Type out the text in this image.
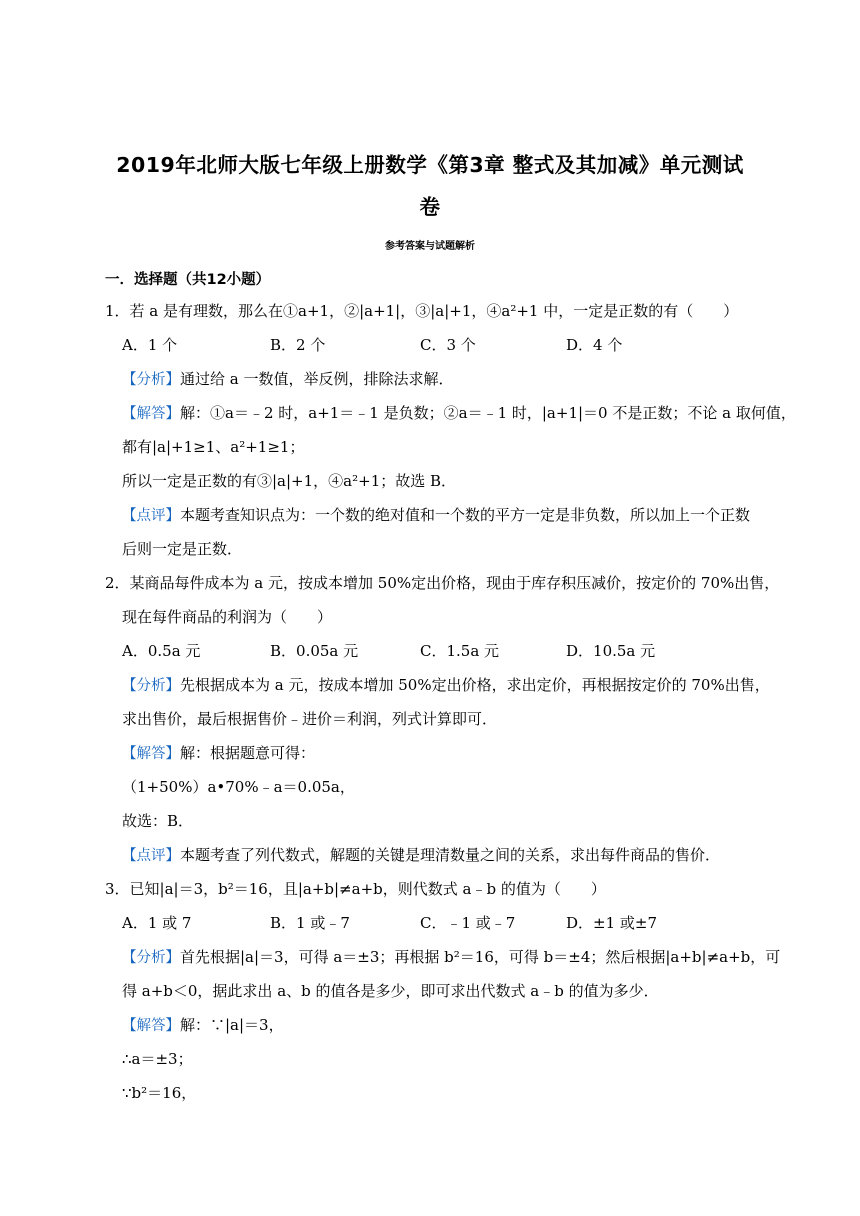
2019年北师大版七年级上册数学《第3章 整式及其加减》单元测试
卷
参考答案与试题解析
一．选择题（共12小题）
1．若 a 是有理数，那么在①a+1，②|a+1|，③|a|+1，④a²+1 中，一定是正数的有（　　）
A．1 个	B．2 个	C．3 个	D．4 个
【分析】通过给 a 一数值，举反例，排除法求解．
【解答】解：①a＝﹣2 时，a+1＝﹣1 是负数；②a＝﹣1 时，|a+1|＝0 不是正数；不论 a 取何值，
都有|a|+1≥1、a²+1≥1；
所以一定是正数的有③|a|+1，④a²+1；故选 B．
【点评】本题考查知识点为：一个数的绝对值和一个数的平方一定是非负数，所以加上一个正数
后则一定是正数．
2．某商品每件成本为 a 元，按成本增加 50%定出价格，现由于库存积压减价，按定价的 70%出售，
现在每件商品的利润为（　　）
A．0.5a 元	B．0.05a 元	C．1.5a 元	D．10.5a 元
【分析】先根据成本为 a 元，按成本增加 50%定出价格，求出定价，再根据按定价的 70%出售，
求出售价，最后根据售价﹣进价＝利润，列式计算即可．
【解答】解：根据题意可得：
（1+50%）a•70%﹣a＝0.05a，
故选：B．
【点评】本题考查了列代数式，解题的关键是理清数量之间的关系，求出每件商品的售价．
3．已知|a|＝3，b²＝16，且|a+b|≠a+b，则代数式 a﹣b 的值为（　　）
A．1 或 7	B．1 或﹣7	C．﹣1 或﹣7	D．±1 或±7
【分析】首先根据|a|＝3，可得 a＝±3；再根据 b²＝16，可得 b＝±4；然后根据|a+b|≠a+b，可
得 a+b＜0，据此求出 a、b 的值各是多少，即可求出代数式 a﹣b 的值为多少．
【解答】解：∵|a|＝3，
∴a＝±3；
∵b²＝16，
